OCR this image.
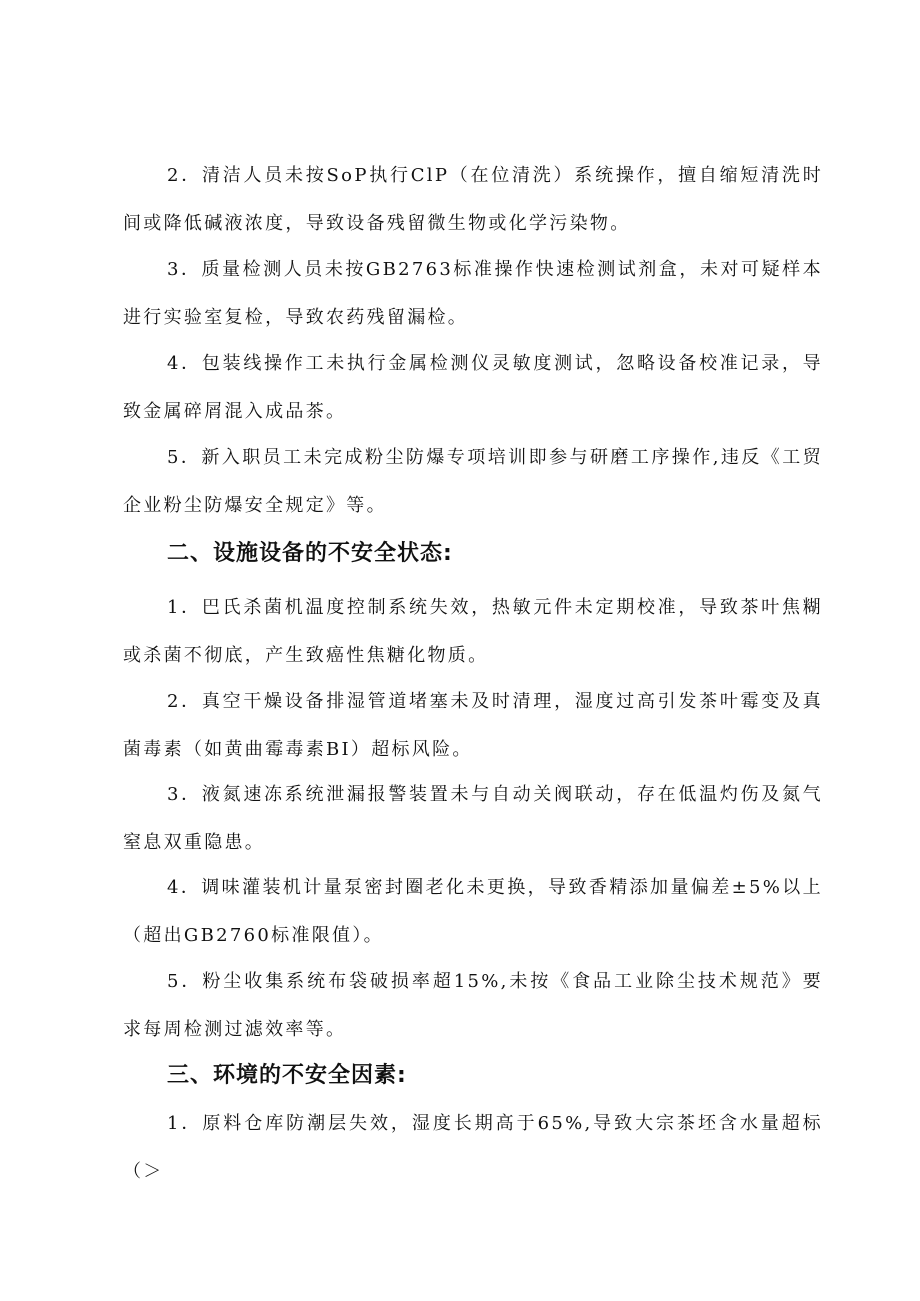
2．清洁人员未按SoP执行ClP（在位清洗）系统操作，擅自缩短清洗时间或降低碱液浓度，导致设备残留微生物或化学污染物。

3．质量检测人员未按GB2763标准操作快速检测试剂盒，未对可疑样本进行实验室复检，导致农药残留漏检。

4．包装线操作工未执行金属检测仪灵敏度测试，忽略设备校准记录，导致金属碎屑混入成品茶。

5．新入职员工未完成粉尘防爆专项培训即参与研磨工序操作,违反《工贸企业粉尘防爆安全规定》等。

二、设施设备的不安全状态:

1．巴氏杀菌机温度控制系统失效，热敏元件未定期校准，导致茶叶焦糊或杀菌不彻底，产生致癌性焦糖化物质。

2．真空干燥设备排湿管道堵塞未及时清理，湿度过高引发茶叶霉变及真菌毒素（如黄曲霉毒素BI）超标风险。

3．液氮速冻系统泄漏报警装置未与自动关阀联动，存在低温灼伤及氮气窒息双重隐患。

4．调味灌装机计量泵密封圈老化未更换，导致香精添加量偏差±5%以上（超出GB2760标准限值）。

5．粉尘收集系统布袋破损率超15%,未按《食品工业除尘技术规范》要求每周检测过滤效率等。

三、环境的不安全因素:

1．原料仓库防潮层失效，湿度长期高于65%,导致大宗茶坯含水量超标（＞
